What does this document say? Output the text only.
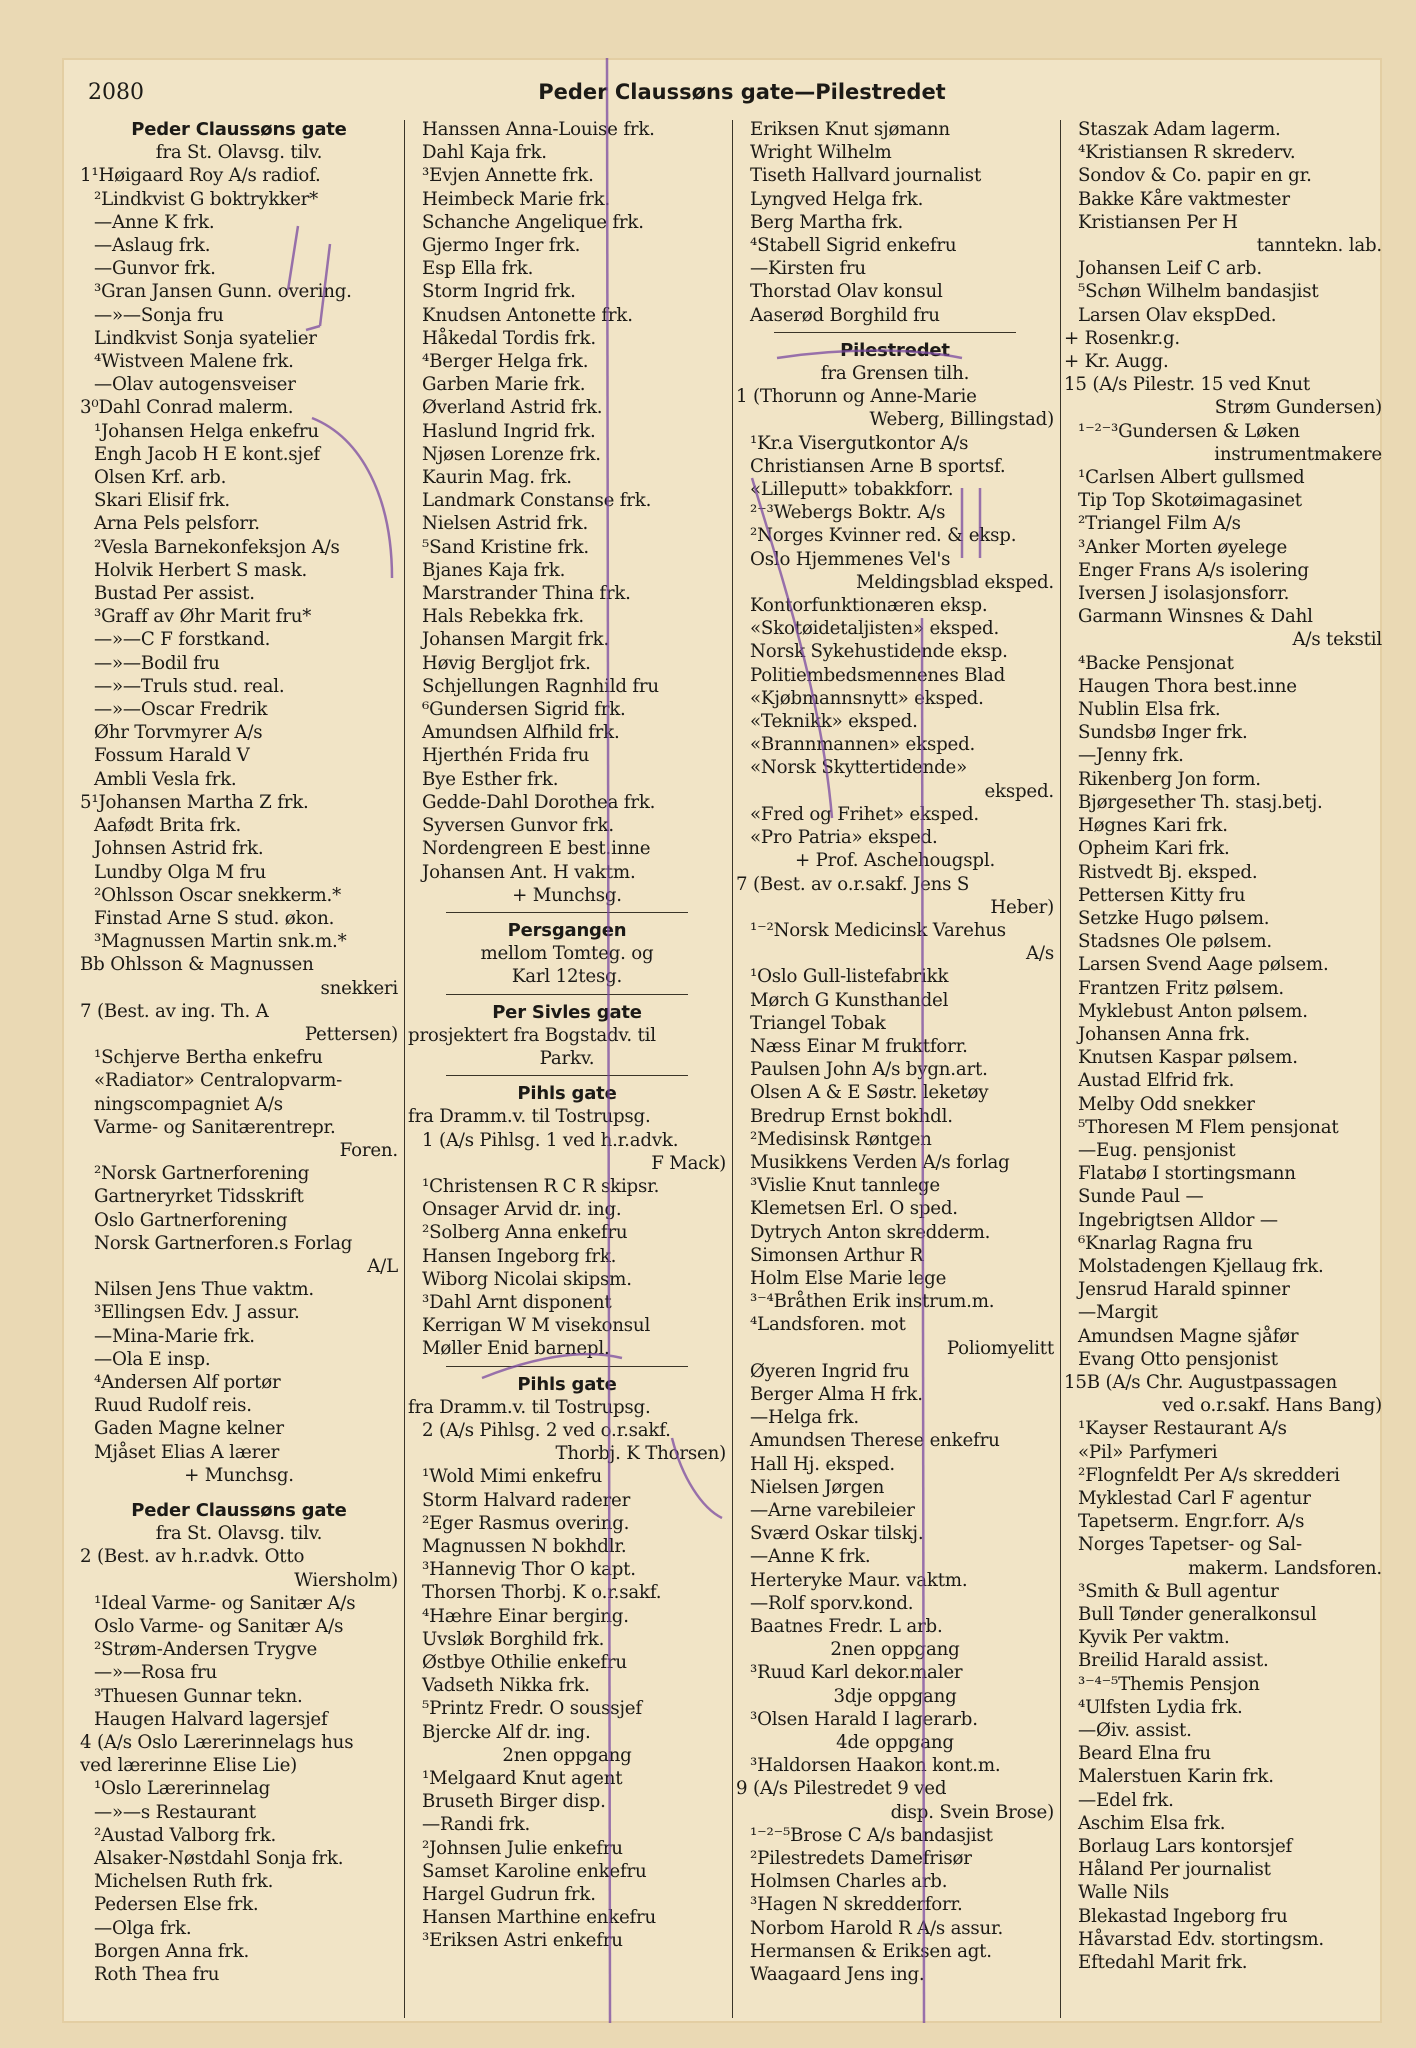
2080	Peder Claussøns gate—Pilestredet
Peder Claussøns gate
fra St. Olavsg. tilv.
1¹Høigaard Roy A/s radiof.
²Lindkvist G boktrykker*
—Anne K frk.
—Aslaug frk.
—Gunvor frk.
³Gran Jansen Gunn. overing.
—»—Sonja fru
Lindkvist Sonja syatelier
⁴Wistveen Malene frk.
—Olav autogensveiser
3⁰Dahl Conrad malerm.
¹Johansen Helga enkefru
Engh Jacob H E kont.sjef
Olsen Krf. arb.
Skari Elisif frk.
Arna Pels pelsforr.
²Vesla Barnekonfeksjon A/s
Holvik Herbert S mask.
Bustad Per assist.
³Graff av Øhr Marit fru*
—»—C F forstkand.
—»—Bodil fru
—»—Truls stud. real.
—»—Oscar Fredrik
Øhr Torvmyrer A/s
Fossum Harald V
Ambli Vesla frk.
5¹Johansen Martha Z frk.
Aafødt Brita frk.
Johnsen Astrid frk.
Lundby Olga M fru
²Ohlsson Oscar snekkerm.*
Finstad Arne S stud. økon.
³Magnussen Martin snk.m.*
Bb Ohlsson & Magnussen
snekkeri
7 (Best. av ing. Th. A
Pettersen)
¹Schjerve Bertha enkefru
«Radiator» Centralopvarm-
ningscompagniet A/s
Varme- og Sanitærentrepr.
Foren.
²Norsk Gartnerforening
Gartneryrket Tidsskrift
Oslo Gartnerforening
Norsk Gartnerforen.s Forlag
A/L
Nilsen Jens Thue vaktm.
³Ellingsen Edv. J assur.
—Mina-Marie frk.
—Ola E insp.
⁴Andersen Alf portør
Ruud Rudolf reis.
Gaden Magne kelner
Mjåset Elias A lærer
+ Munchsg.
Peder Claussøns gate
fra St. Olavsg. tilv.
2 (Best. av h.r.advk. Otto
Wiersholm)
¹Ideal Varme- og Sanitær A/s
Oslo Varme- og Sanitær A/s
²Strøm-Andersen Trygve
—»—Rosa fru
³Thuesen Gunnar tekn.
Haugen Halvard lagersjef
4 (A/s Oslo Lærerinnelags hus
ved lærerinne Elise Lie)
¹Oslo Lærerinnelag
—»—s Restaurant
²Austad Valborg frk.
Alsaker-Nøstdahl Sonja frk.
Michelsen Ruth frk.
Pedersen Else frk.
—Olga frk.
Borgen Anna frk.
Roth Thea fru
Hanssen Anna-Louise frk.
Dahl Kaja frk.
³Evjen Annette frk.
Heimbeck Marie frk.
Schanche Angelique frk.
Gjermo Inger frk.
Esp Ella frk.
Storm Ingrid frk.
Knudsen Antonette frk.
Håkedal Tordis frk.
⁴Berger Helga frk.
Garben Marie frk.
Øverland Astrid frk.
Haslund Ingrid frk.
Njøsen Lorenze frk.
Kaurin Mag. frk.
Landmark Constanse frk.
Nielsen Astrid frk.
⁵Sand Kristine frk.
Bjanes Kaja frk.
Marstrander Thina frk.
Hals Rebekka frk.
Johansen Margit frk.
Høvig Bergljot frk.
Schjellungen Ragnhild fru
⁶Gundersen Sigrid frk.
Amundsen Alfhild frk.
Hjerthén Frida fru
Bye Esther frk.
Gedde-Dahl Dorothea frk.
Syversen Gunvor frk.
Nordengreen E best.inne
Johansen Ant. H vaktm.
+ Munchsg.
Persgangen
mellom Tomteg. og
Karl 12tesg.
Per Sivles gate
prosjektert fra Bogstadv. til
Parkv.
Pihls gate
fra Dramm.v. til Tostrupsg.
1 (A/s Pihlsg. 1 ved h.r.advk.
F Mack)
¹Christensen R C R skipsr.
Onsager Arvid dr. ing.
²Solberg Anna enkefru
Hansen Ingeborg frk.
Wiborg Nicolai skipsm.
³Dahl Arnt disponent
Kerrigan W M visekonsul
Møller Enid barnepl.
Pihls gate
fra Dramm.v. til Tostrupsg.
2 (A/s Pihlsg. 2 ved o.r.sakf.
Thorbj. K Thorsen)
¹Wold Mimi enkefru
Storm Halvard raderer
²Eger Rasmus overing.
Magnussen N bokhdlr.
³Hannevig Thor O kapt.
Thorsen Thorbj. K o.r.sakf.
⁴Hæhre Einar berging.
Uvsløk Borghild frk.
Østbye Othilie enkefru
Vadseth Nikka frk.
⁵Printz Fredr. O soussjef
Bjercke Alf dr. ing.
2nen oppgang
¹Melgaard Knut agent
Bruseth Birger disp.
—Randi frk.
²Johnsen Julie enkefru
Samset Karoline enkefru
Hargel Gudrun frk.
Hansen Marthine enkefru
³Eriksen Astri enkefru
Eriksen Knut sjømann
Wright Wilhelm
Tiseth Hallvard journalist
Lyngved Helga frk.
Berg Martha frk.
⁴Stabell Sigrid enkefru
—Kirsten fru
Thorstad Olav konsul
Aaserød Borghild fru
Pilestredet
fra Grensen tilh.
1 (Thorunn og Anne-Marie
Weberg, Billingstad)
¹Kr.a Visergutkontor A/s
Christiansen Arne B sportsf.
«Lilleputt» tobakkforr.
²⁻³Webergs Boktr. A/s
²Norges Kvinner red. & eksp.
Oslo Hjemmenes Vel's
Meldingsblad eksped.
Kontorfunktionæren eksp.
«Skotøidetaljisten» eksped.
Norsk Sykehustidende eksp.
Politiembedsmennenes Blad
«Kjøbmannsnytt» eksped.
«Teknikk» eksped.
«Brannmannen» eksped.
«Norsk Skyttertidende»
eksped.
«Fred og Frihet» eksped.
«Pro Patria» eksped.
+ Prof. Aschehougspl.
7 (Best. av o.r.sakf. Jens S
Heber)
¹⁻²Norsk Medicinsk Varehus
A/s
¹Oslo Gull-listefabrikk
Mørch G Kunsthandel
Triangel Tobak
Næss Einar M fruktforr.
Paulsen John A/s bygn.art.
Olsen A & E Søstr. leketøy
Bredrup Ernst bokhdl.
²Medisinsk Røntgen
Musikkens Verden A/s forlag
³Vislie Knut tannlege
Klemetsen Erl. O sped.
Dytrych Anton skredderm.
Simonsen Arthur R
Holm Else Marie lege
³⁻⁴Bråthen Erik instrum.m.
⁴Landsforen. mot
Poliomyelitt
Øyeren Ingrid fru
Berger Alma H frk.
—Helga frk.
Amundsen Therese enkefru
Hall Hj. eksped.
Nielsen Jørgen
—Arne varebileier
Sværd Oskar tilskj.
—Anne K frk.
Herteryke Maur. vaktm.
—Rolf sporv.kond.
Baatnes Fredr. L arb.
2nen oppgang
³Ruud Karl dekor.maler
3dje oppgang
³Olsen Harald I lagerarb.
4de oppgang
³Haldorsen Haakon kont.m.
9 (A/s Pilestredet 9 ved
disp. Svein Brose)
¹⁻²⁻⁵Brose C A/s bandasjist
²Pilestredets Damefrisør
Holmsen Charles arb.
³Hagen N skredderforr.
Norbom Harold R A/s assur.
Hermansen & Eriksen agt.
Waagaard Jens ing.
Staszak Adam lagerm.
⁴Kristiansen R skrederv.
Sondov & Co. papir en gr.
Bakke Kåre vaktmester
Kristiansen Per H
tanntekn. lab.
Johansen Leif C arb.
⁵Schøn Wilhelm bandasjist
Larsen Olav ekspDed.
+ Rosenkr.g.
+ Kr. Augg.
15 (A/s Pilestr. 15 ved Knut
Strøm Gundersen)
¹⁻²⁻³Gundersen & Løken
instrumentmakere
¹Carlsen Albert gullsmed
Tip Top Skotøimagasinet
²Triangel Film A/s
³Anker Morten øyelege
Enger Frans A/s isolering
Iversen J isolasjonsforr.
Garmann Winsnes & Dahl
A/s tekstil
⁴Backe Pensjonat
Haugen Thora best.inne
Nublin Elsa frk.
Sundsbø Inger frk.
—Jenny frk.
Rikenberg Jon form.
Bjørgesether Th. stasj.betj.
Høgnes Kari frk.
Opheim Kari frk.
Ristvedt Bj. eksped.
Pettersen Kitty fru
Setzke Hugo pølsem.
Stadsnes Ole pølsem.
Larsen Svend Aage pølsem.
Frantzen Fritz pølsem.
Myklebust Anton pølsem.
Johansen Anna frk.
Knutsen Kaspar pølsem.
Austad Elfrid frk.
Melby Odd snekker
⁵Thoresen M Flem pensjonat
—Eug. pensjonist
Flatabø I stortingsmann
Sunde Paul —
Ingebrigtsen Alldor —
⁶Knarlag Ragna fru
Molstadengen Kjellaug frk.
Jensrud Harald spinner
—Margit
Amundsen Magne sjåfør
Evang Otto pensjonist
15B (A/s Chr. Augustpassagen
ved o.r.sakf. Hans Bang)
¹Kayser Restaurant A/s
«Pil» Parfymeri
²Flognfeldt Per A/s skredderi
Myklestad Carl F agentur
Tapetserm. Engr.forr. A/s
Norges Tapetser- og Sal-
makerm. Landsforen.
³Smith & Bull agentur
Bull Tønder generalkonsul
Kyvik Per vaktm.
Breilid Harald assist.
³⁻⁴⁻⁵Themis Pensjon
⁴Ulfsten Lydia frk.
—Øiv. assist.
Beard Elna fru
Malerstuen Karin frk.
—Edel frk.
Aschim Elsa frk.
Borlaug Lars kontorsjef
Håland Per journalist
Walle Nils
Blekastad Ingeborg fru
Håvarstad Edv. stortingsm.
Eftedahl Marit frk.
